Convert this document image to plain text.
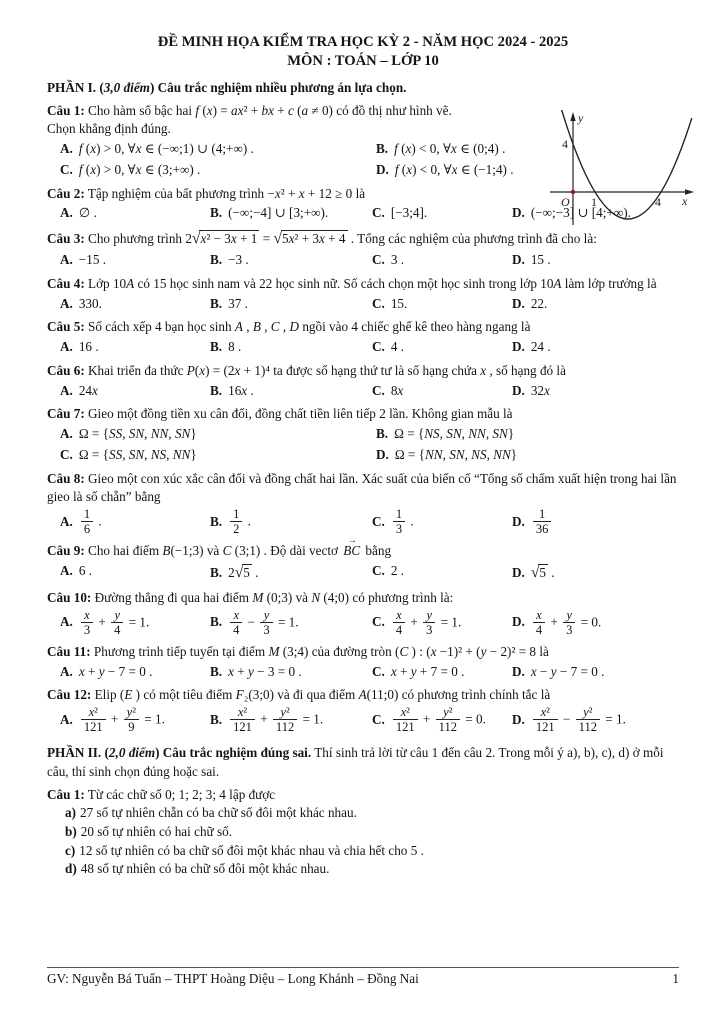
ĐỀ MINH HỌA KIỂM TRA HỌC KỲ 2 - NĂM HỌC 2024 - 2025

MÔN : TOÁN – LỚP 10

PHẦN I. (3,0 điểm) Câu trắc nghiệm nhiều phương án lựa chọn.
Câu 1: Cho hàm số bậc hai f (x) = ax² + bx + c (a ≠ 0) có đồ thị như hình vẽ.
Chọn khẳng định đúng.
A. f (x) > 0, ∀x ∈ (−∞;1) ∪ (4;+∞) .	B. f (x) < 0, ∀x ∈ (0;4) .
C. f (x) > 0, ∀x ∈ (3;+∞) .	D. f (x) < 0, ∀x ∈ (−1;4) .
Câu 2: Tập nghiệm của bất phương trình −x² + x + 12 ≥ 0 là
A. ∅ .	B. (−∞;−4] ∪ [3;+∞).	C. [−3;4].	D. (−∞;−3] ∪ [4;+∞).
Câu 3: Cho phương trình 2√x² − 3x + 1 = √5x² + 3x + 4 . Tổng các nghiệm của phương trình đã cho là:
A. −15 .	B. −3 .	C. 3 .	D. 15 .
Câu 4: Lớp 10A có 15 học sinh nam và 22 học sinh nữ. Số cách chọn một học sinh trong lớp 10A làm lớp trưởng là
A. 330.	B. 37 .	C. 15.	D. 22.
Câu 5: Số cách xếp 4 bạn học sinh A , B , C , D ngồi vào 4 chiếc ghế kê theo hàng ngang là
A. 16 .	B. 8 .	C. 4 .	D. 24 .
Câu 6: Khai triển đa thức P(x) = (2x + 1)⁴ ta được số hạng thứ tư là số hạng chứa x , số hạng đó là
A. 24x	B. 16x .	C. 8x	D. 32x
Câu 7: Gieo một đồng tiền xu cân đối, đồng chất tiền liên tiếp 2 lần. Không gian mẫu là
A. Ω = {SS, SN, NN, SN}	B. Ω = {NS, SN, NN, SN}
C. Ω = {SS, SN, NS, NN}	D. Ω = {NN, SN, NS, NN}
Câu 8: Gieo một con xúc xắc cân đối và đồng chất hai lần. Xác suất của biến cố “Tổng số chấm xuất hiện trong hai lần gieo là số chẵn” bằng
A. $\frac{1}{6}$ .	B. $\frac{1}{2}$ .	C. $\frac{1}{3}$ .	D. $\frac{1}{36}$
Câu 9: Cho hai điểm B(−1;3) và C (3;1) . Độ dài vectơ → BC bằng
A. 6 .	B. 2√5 .	C. 2 .	D. √5 .
Câu 10: Đường thẳng đi qua hai điểm M (0;3) và N (4;0) có phương trình là:
A. $\frac{x}{3} + \frac{y}{4} = 1$.	B. $\frac{x}{4} - \frac{y}{3} = 1$.	C. $\frac{x}{4} + \frac{y}{3} = 1$.	D. $\frac{x}{4} + \frac{y}{3} = 0$.
Câu 11: Phương trình tiếp tuyến tại điểm M (3;4) của đường tròn (C ) : (x −1)² + (y − 2)² = 8 là
A. x + y − 7 = 0 .	B. x + y − 3 = 0 .	C. x + y + 7 = 0 .	D. x − y − 7 = 0 .
Câu 12: Elip (E ) có một tiêu điểm F₂(3;0) và đi qua điểm A(11;0) có phương trình chính tắc là
A. $\frac{\text{x²}}{121} + \frac{\text{y²}}{9} = 1$.	B. $\frac{\text{x²}}{121} + \frac{\text{y²}}{112} = 1$.	C. $\frac{\text{x²}}{121} + \frac{\text{y²}}{112} = 0$.	D. $\frac{\text{x²}}{121} - \frac{\text{y²}}{112} = 1$.
PHẦN II. (2,0 điểm) Câu trắc nghiệm đúng sai. Thí sinh trả lời từ câu 1 đến câu 2. Trong mỗi ý a), b), c), d) ở mỗi câu, thí sinh chọn đúng hoặc sai.
Câu 1: Từ các chữ số 0; 1; 2; 3; 4 lập được
a) 27 số tự nhiên chẵn có ba chữ số đôi một khác nhau.
b) 20 số tự nhiên có hai chữ số.
c) 12 số tự nhiên có ba chữ số đôi một khác nhau và chia hết cho 5 .
d) 48 số tự nhiên có ba chữ số đôi một khác nhau.
y
x
O 1	4
4
GV: Nguyễn Bá Tuấn – THPT Hoàng Diệu – Long Khánh – Đồng Nai	1
